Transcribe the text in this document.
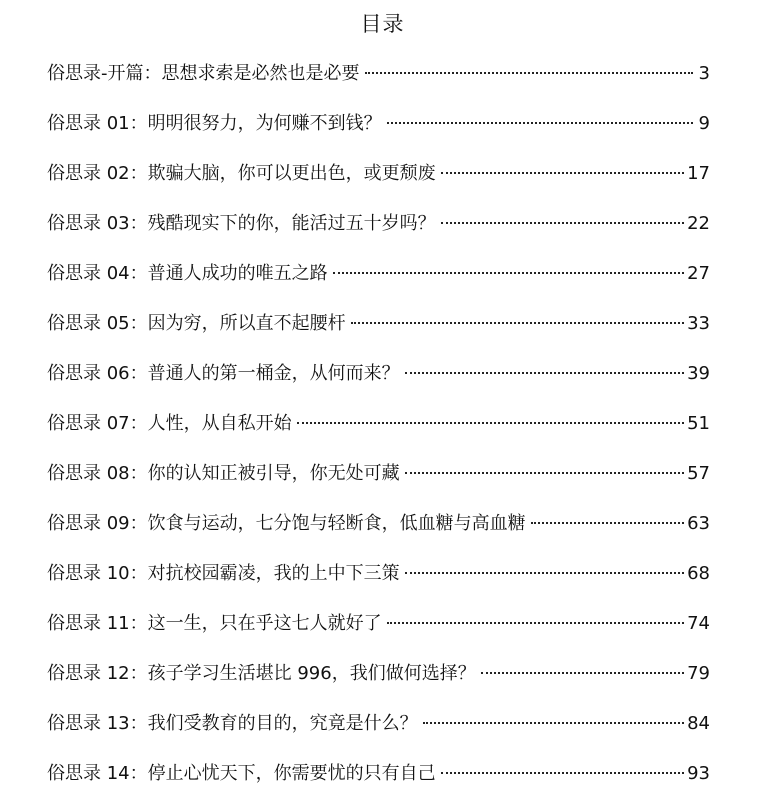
目录
俗思录-开篇：思想求索是必然也是必要	3
俗思录 01：明明很努力，为何赚不到钱？	9
俗思录 02：欺骗大脑，你可以更出色，或更颓废	17
俗思录 03：残酷现实下的你，能活过五十岁吗？	22
俗思录 04：普通人成功的唯五之路	27
俗思录 05：因为穷，所以直不起腰杆	33
俗思录 06：普通人的第一桶金，从何而来？	39
俗思录 07：人性，从自私开始	51
俗思录 08：你的认知正被引导，你无处可藏	57
俗思录 09：饮食与运动，七分饱与轻断食，低血糖与高血糖	63
俗思录 10：对抗校园霸凌，我的上中下三策	68
俗思录 11：这一生，只在乎这七人就好了	74
俗思录 12：孩子学习生活堪比 996，我们做何选择？	79
俗思录 13：我们受教育的目的，究竟是什么？	84
俗思录 14：停止心忧天下，你需要忧的只有自己	93
